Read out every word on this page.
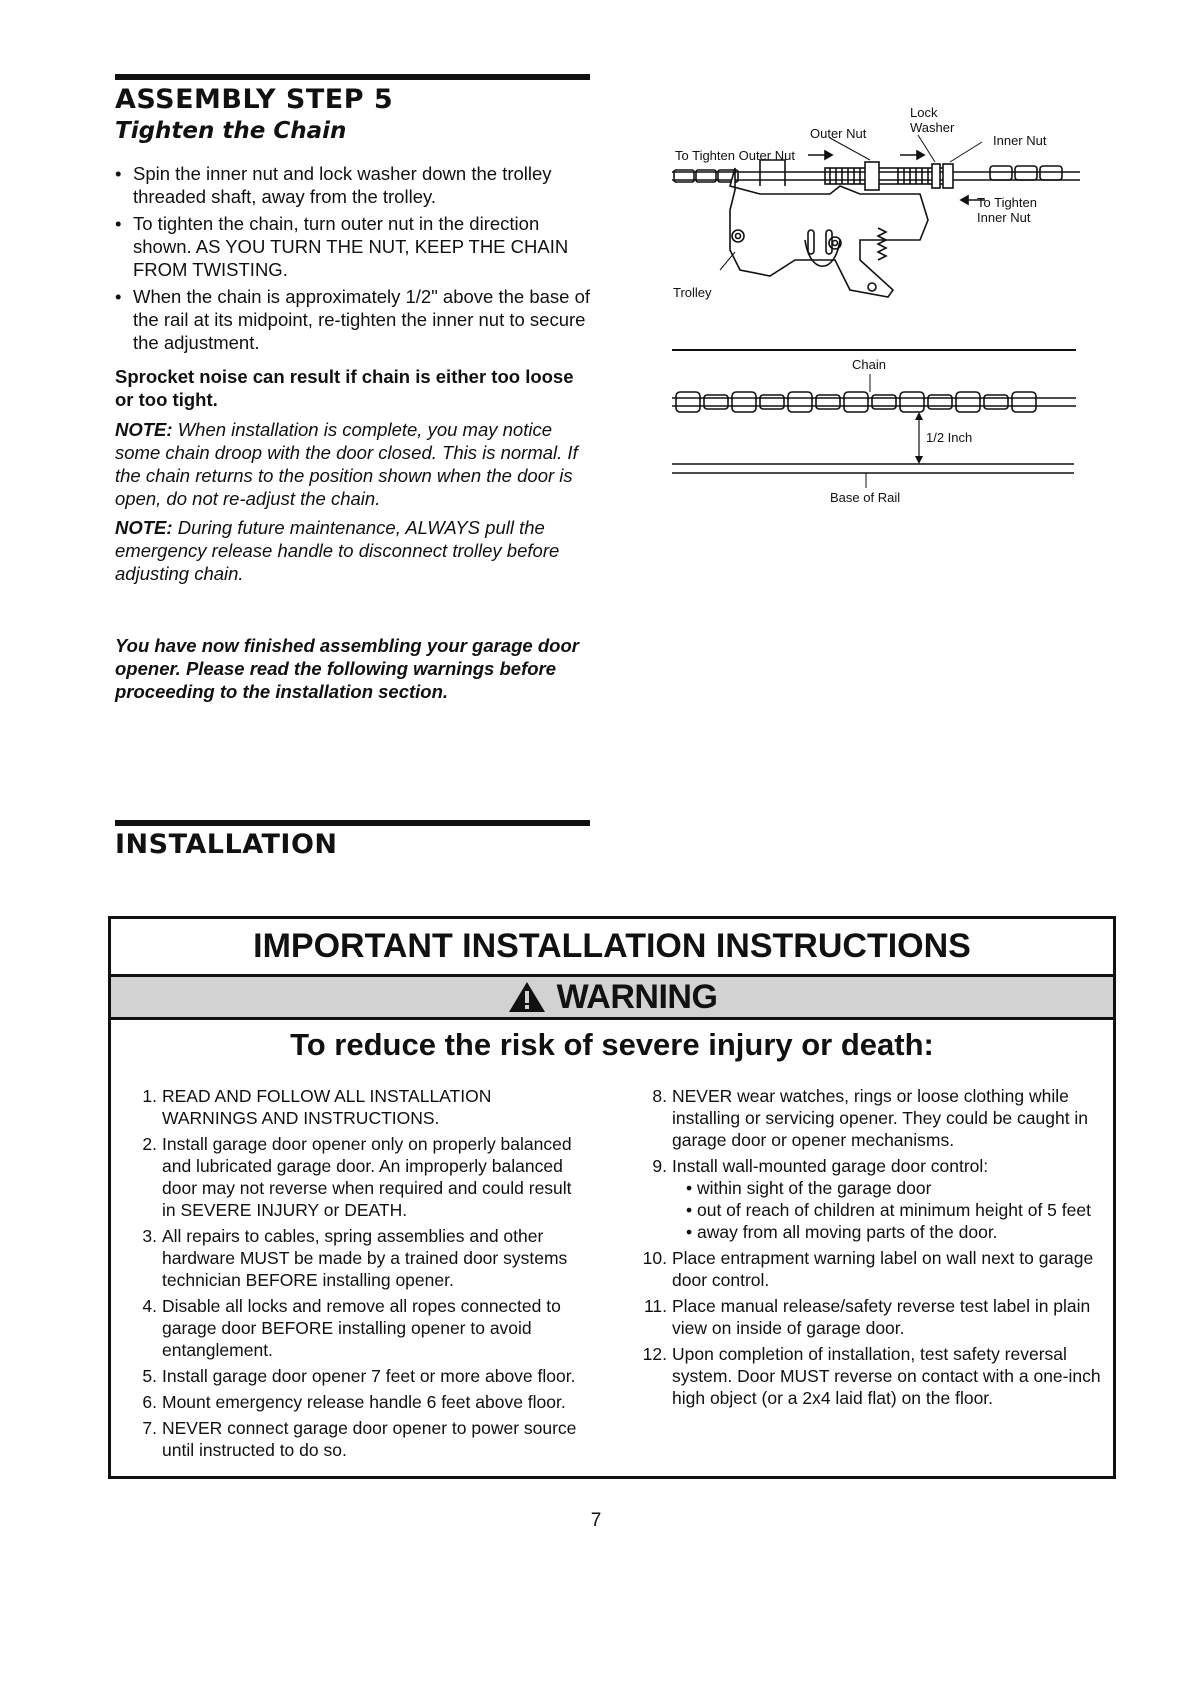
ASSEMBLY STEP 5
Tighten the Chain
• Spin the inner nut and lock washer down the trolley threaded shaft, away from the trolley.
• To tighten the chain, turn outer nut in the direction shown. AS YOU TURN THE NUT, KEEP THE CHAIN FROM TWISTING.
• When the chain is approximately 1/2" above the base of the rail at its midpoint, re-tighten the inner nut to secure the adjustment.
Sprocket noise can result if chain is either too loose or too tight.
NOTE: When installation is complete, you may notice some chain droop with the door closed. This is normal. If the chain returns to the position shown when the door is open, do not re-adjust the chain.
NOTE: During future maintenance, ALWAYS pull the emergency release handle to disconnect trolley before adjusting chain.
You have now finished assembling your garage door opener. Please read the following warnings before proceeding to the installation section.
Lock
Washer
Outer Nut	Inner Nut
To Tighten Outer Nut
To Tighten
Inner Nut
Trolley
Chain
1/2 Inch
Base of Rail
INSTALLATION
IMPORTANT INSTALLATION INSTRUCTIONS
WARNING
To reduce the risk of severe injury or death:
1. READ AND FOLLOW ALL INSTALLATION WARNINGS AND INSTRUCTIONS.
2. Install garage door opener only on properly balanced and lubricated garage door. An improperly balanced door may not reverse when required and could result in SEVERE INJURY or DEATH.
3. All repairs to cables, spring assemblies and other hardware MUST be made by a trained door systems technician BEFORE installing opener.
4. Disable all locks and remove all ropes connected to garage door BEFORE installing opener to avoid entanglement.
5. Install garage door opener 7 feet or more above floor.
6. Mount emergency release handle 6 feet above floor.
7. NEVER connect garage door opener to power source until instructed to do so.
8. NEVER wear watches, rings or loose clothing while installing or servicing opener. They could be caught in garage door or opener mechanisms.
9. Install wall-mounted garage door control:
• within sight of the garage door
• out of reach of children at minimum height of 5 feet
• away from all moving parts of the door.
10. Place entrapment warning label on wall next to garage door control.
11. Place manual release/safety reverse test label in plain view on inside of garage door.
12. Upon completion of installation, test safety reversal system. Door MUST reverse on contact with a one-inch high object (or a 2x4 laid flat) on the floor.
7
